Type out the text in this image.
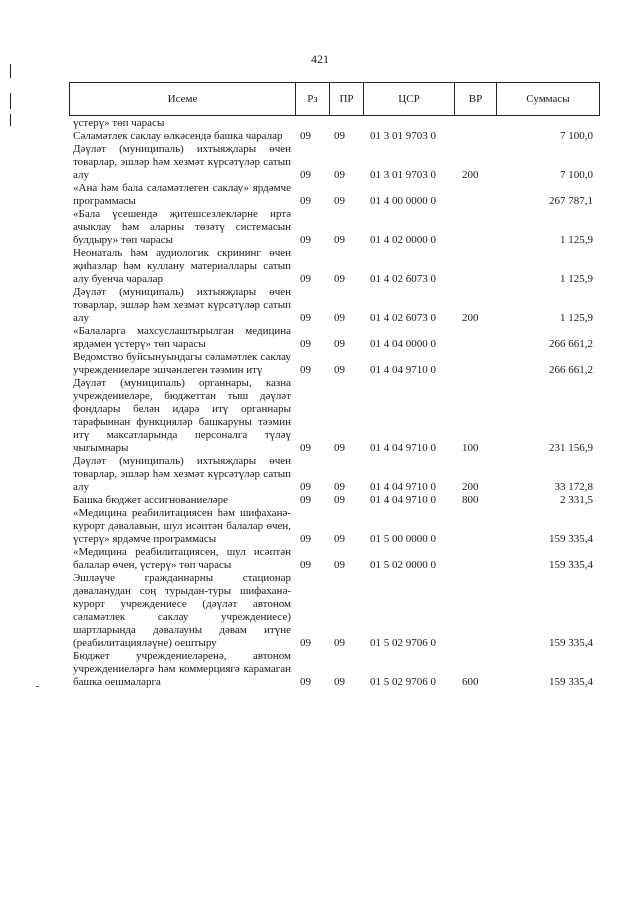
421
Исеме	Рз	ПР	ЦСР	ВР	Суммасы
үстерү» төп чарасы					

Сәламәтлек саклау өлкәсендә башка чаралар	09	09	01 3 01 9703 0		7 100,0

Дәүләт (муниципаль) ихтыяҗлары өчен товарлар, эшләр һәм хезмәт күрсәтүләр сатып алу	09	09	01 3 01 9703 0	200	7 100,0

«Ана һәм бала сәламәтлеген саклау» ярдәмче программасы	09	09	01 4 00 0000 0		267 787,1

«Бала үсешендә җитешсезлекләрне иртә ачыклау һәм аларны төзәтү системасын булдыру» төп чарасы	09	09	01 4 02 0000 0		1 125,9

Неонаталь һәм аудиологик скрининг өчен җиһазлар һәм куллану материаллары сатып алу буенча чаралар	09	09	01 4 02 6073 0		1 125,9

Дәүләт (муниципаль) ихтыяҗлары өчен товарлар, эшләр һәм хезмәт күрсәтүләр сатып алу	09	09	01 4 02 6073 0	200	1 125,9

«Балаларга махсуслаштырылган медицина ярдәмен үстерү» төп чарасы	09	09	01 4 04 0000 0		266 661,2

Ведомство буйсынуындагы сәламәтлек саклау учреждениеләре эшчәнлеген тәэмин итү	09	09	01 4 04 9710 0		266 661,2

Дәүләт (муниципаль) органнары, казна учреждениеләре, бюджеттан тыш дәүләт фондлары белән идарә итү органнары тарафыннан функцияләр башкаруны тәэмин итү максатларында персоналга түләү чыгымнары	09	09	01 4 04 9710 0	100	231 156,9

Дәүләт (муниципаль) ихтыяҗлары өчен товарлар, эшләр һәм хезмәт күрсәтүләр сатып алу	09	09	01 4 04 9710 0	200	33 172,8

Башка бюджет ассигнованиеләре	09	09	01 4 04 9710 0	800	2 331,5

«Медицина реабилитациясен һәм шифаханә-курорт дәвалавын, шул исәптән балалар өчен, үстерү» ярдәмче программасы	09	09	01 5 00 0000 0		159 335,4

«Медицина реабилитациясен, шул исәптән балалар өчен, үстерү» төп чарасы	09	09	01 5 02 0000 0		159 335,4

Эшләүче гражданнарны стационар дәваланудан соң турыдан-туры шифаханә-курорт учреждениесе (дәүләт автоном сәламәтлек саклау учреждениесе) шартларында дәвалауны дәвам итүне (реабилитацияләүне) оештыру	09	09	01 5 02 9706 0		159 335,4

Бюджет учреждениеләренә, автоном учреждениеләргә һәм коммерциягә карамаган башка оешмаларга	09	09	01 5 02 9706 0	600	159 335,4
